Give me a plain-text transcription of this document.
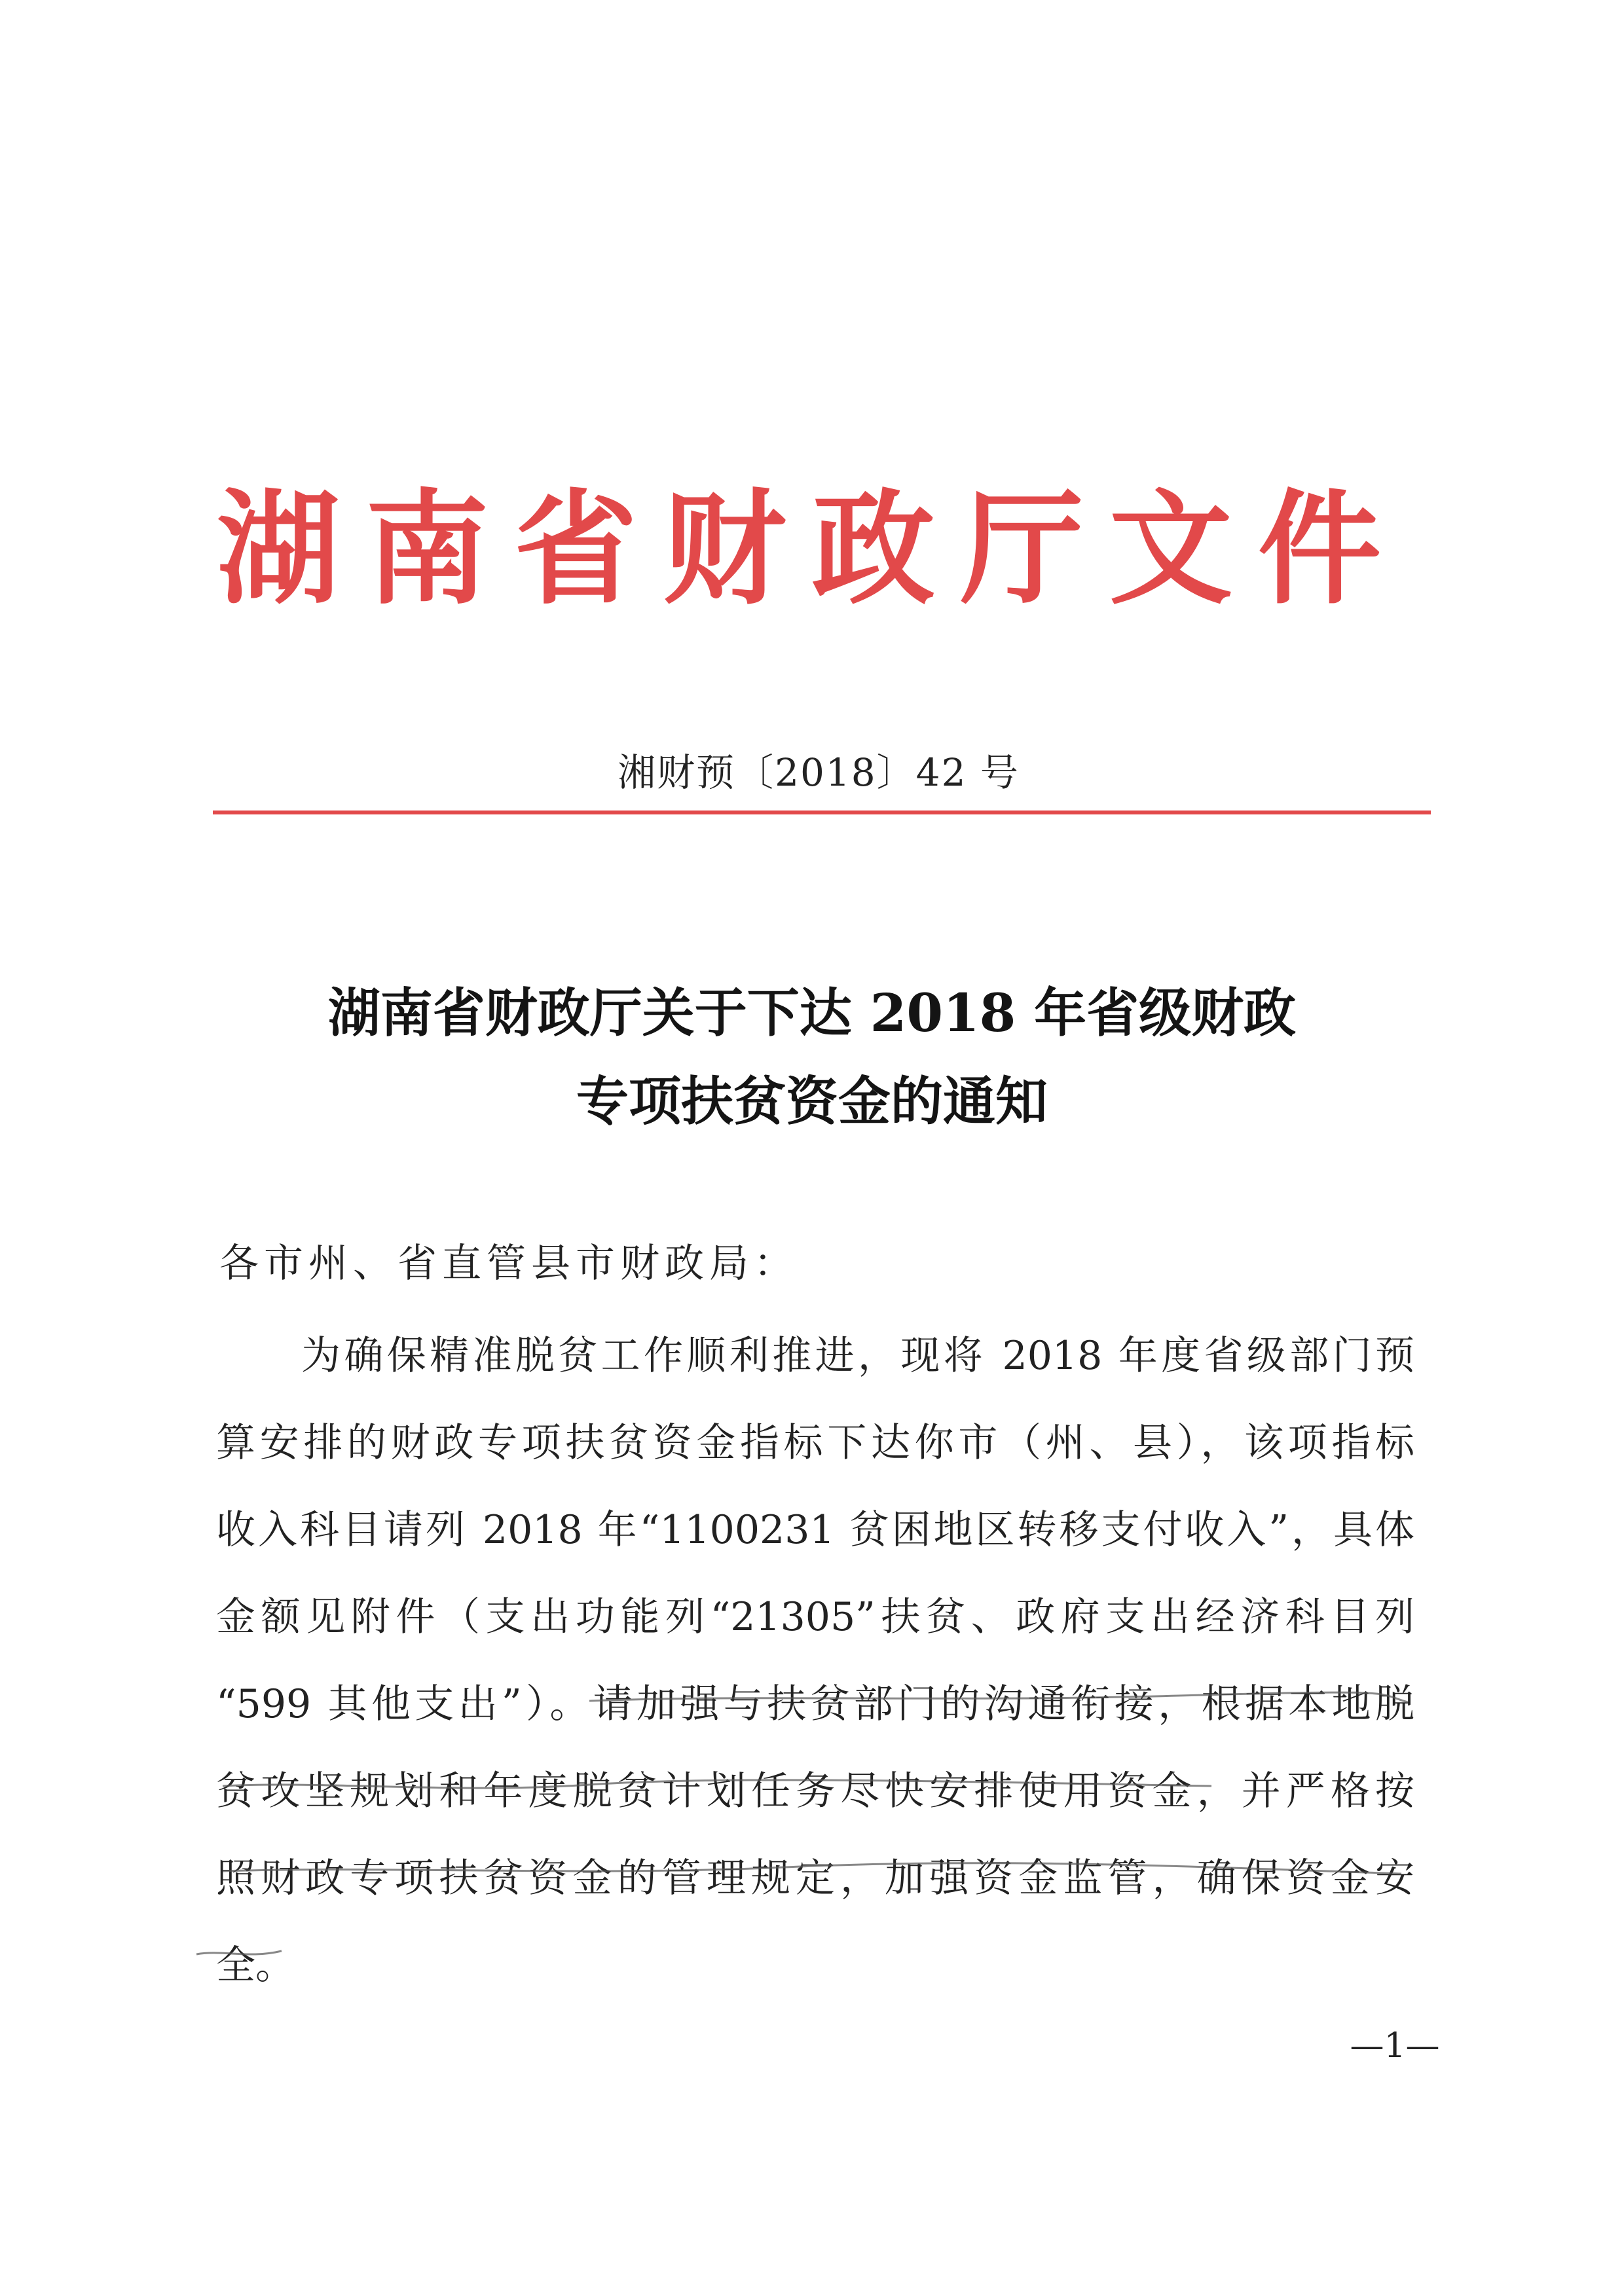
湖 南 省 财 政 厅 文 件
湘财预〔2018〕42 号
湖南省财政厅关于下达 2018 年省级财政
专项扶贫资金的通知
各市州、省直管县市财政局：
为确保精准脱贫工作顺利推进，现将 2018 年度省级部门预
算安排的财政专项扶贫资金指标下达你市（州、县），该项指标
收入科目请列 2018 年“1100231 贫困地区转移支付收入”，具体
金额见附件（支出功能列“21305”扶贫、政府支出经济科目列
“599 其他支出”）。请加强与扶贫部门的沟通衔接，根据本地脱
贫攻坚规划和年度脱贫计划任务尽快安排使用资金，并严格按
照财政专项扶贫资金的管理规定，加强资金监管，确保资金安
全。
—1—
